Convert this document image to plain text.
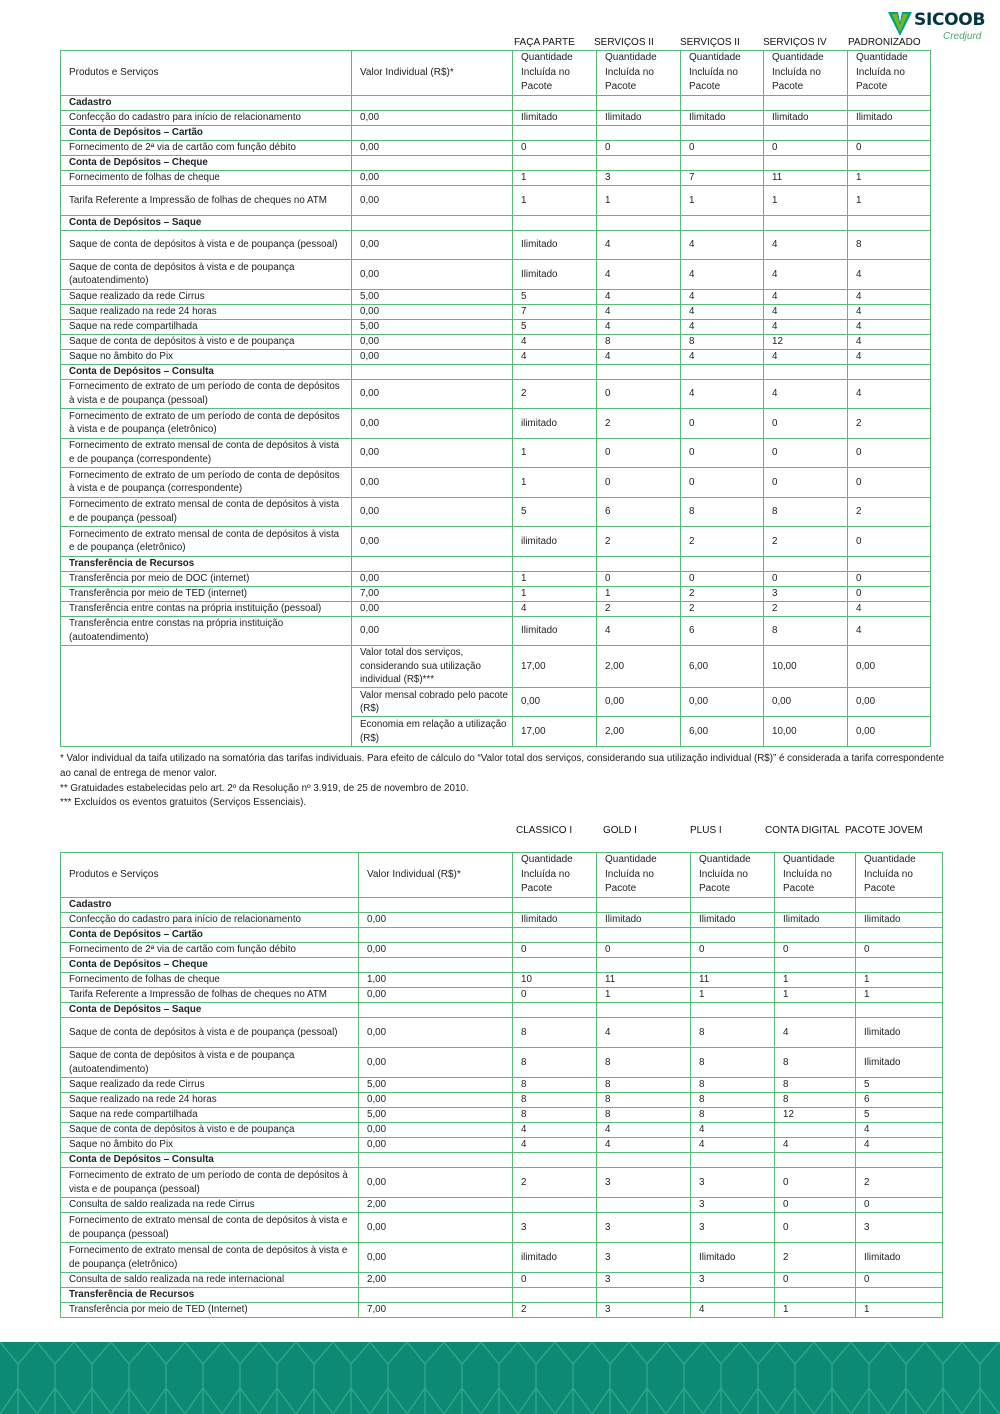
SICOOB
Credjurd
FAÇA PARTE SERVIÇOS II	SERVIÇOS II SERVIÇOS IV PADRONIZADO
Produtos e Serviços	Valor Individual (R$)*	Quantidade Incluída no Pacote	Quantidade Incluída no Pacote	Quantidade Incluída no Pacote	Quantidade Incluída no Pacote	Quantidade Incluída no Pacote
Cadastro						
Confecção do cadastro para início de relacionamento	0,00	Ilimitado	Ilimitado	Ilimitado	Ilimitado	Ilimitado
Conta de Depósitos – Cartão						
Fornecimento de 2ª via de cartão com função débito	0,00	0	0	0	0	0
Conta de Depósitos – Cheque						
Fornecimento de folhas de cheque	0,00	1	3	7	11	1
Tarifa Referente a Impressão de folhas de cheques no ATM	0,00	1	1	1	1	1
Conta de Depósitos – Saque						
Saque de conta de depósitos à vista e de poupança (pessoal)	0,00	Ilimitado	4	4	4	8
Saque de conta de depósitos à vista e de poupança (autoatendimento)	0,00	Ilimitado	4	4	4	4
Saque realizado da rede Cirrus	5,00	5	4	4	4	4
Saque realizado na rede 24 horas	0,00	7	4	4	4	4
Saque na rede compartilhada	5,00	5	4	4	4	4
Saque de conta de depósitos à visto e de poupança	0,00	4	8	8	12	4
Saque no âmbito do Pix	0,00	4	4	4	4	4
Conta de Depósitos – Consulta						
Fornecimento de extrato de um período de conta de depósitos à vista e de poupança (pessoal)	0,00	2	0	4	4	4
Fornecimento de extrato de um período de conta de depósitos à vista e de poupança (eletrônico)	0,00	ilimitado	2	0	0	2
Fornecimento de extrato mensal de conta de depósitos à vista e de poupança (correspondente)	0,00	1	0	0	0	0
Fornecimento de extrato de um período de conta de depósitos à vista e de poupança (correspondente)	0,00	1	0	0	0	0
Fornecimento de extrato mensal de conta de depósitos à vista e de poupança (pessoal)	0,00	5	6	8	8	2
Fornecimento de extrato mensal de conta de depósitos à vista e de poupança (eletrônico)	0,00	ilimitado	2	2	2	0
Transferência de Recursos						
Transferência por meio de DOC (internet)	0,00	1	0	0	0	0
Transferência por meio de TED (internet)	7,00	1	1	2	3	0
Transferência entre contas na própria instituição (pessoal)	0,00	4	2	2	2	4
Transferência entre constas na própria instituição (autoatendimento)	0,00	Ilimitado	4	6	8	4
	Valor total dos serviços, considerando sua utilização individual (R$)***	17,00	2,00	6,00	10,00	0,00
	Valor mensal cobrado pelo pacote (R$)	0,00	0,00	0,00	0,00	0,00
	Economia em relação a utilização (R$)	17,00	2,00	6,00	10,00	0,00

* Valor individual da taifa utilizado na somatória das tarifas individuais. Para efeito de cálculo do “Valor total dos serviços, considerando sua utilização individual (R$)” é considerada a tarifa correspondente ao canal de entrega de menor valor.

** Gratuidades estabelecidas pelo art. 2º da Resolução nº 3.919, de 25 de novembro de 2010.

*** Excluídos os eventos gratuitos (Serviços Essenciais).

CLASSICO I	GOLD I	PLUS I	CONTA DIGITAL PACOTE JOVEM
Produtos e Serviços	Valor Individual (R$)*	Quantidade Incluída no Pacote	Quantidade Incluída no Pacote	Quantidade Incluída no Pacote	Quantidade Incluída no Pacote	Quantidade Incluída no Pacote
Cadastro						
Confecção do cadastro para início de relacionamento	0,00	Ilimitado	Ilimitado	Ilimitado	Ilimitado	Ilimitado
Conta de Depósitos – Cartão						
Fornecimento de 2ª via de cartão com função débito	0,00	0	0	0	0	0
Conta de Depósitos – Cheque						
Fornecimento de folhas de cheque	1,00	10	11	11	1	1
Tarifa Referente a Impressão de folhas de cheques no ATM	0,00	0	1	1	1	1
Conta de Depósitos – Saque						
Saque de conta de depósitos à vista e de poupança (pessoal)	0,00	8	4	8	4	Ilimitado
Saque de conta de depósitos à vista e de poupança (autoatendimento)	0,00	8	8	8	8	Ilimitado
Saque realizado da rede Cirrus	5,00	8	8	8	8	5
Saque realizado na rede 24 horas	0,00	8	8	8	8	6
Saque na rede compartilhada	5,00	8	8	8	12	5
Saque de conta de depósitos à visto e de poupança	0,00	4	4	4		4
Saque no âmbito do Pix	0,00	4	4	4	4	4
Conta de Depósitos – Consulta						
Fornecimento de extrato de um período de conta de depósitos à vista e de poupança (pessoal)	0,00	2	3	3	0	2
Consulta de saldo realizada na rede Cirrus	2,00			3	0	0
Fornecimento de extrato mensal de conta de depósitos à vista e de poupança (pessoal)	0,00	3	3	3	0	3
Fornecimento de extrato mensal de conta de depósitos à vista e de poupança (eletrônico)	0,00	ilimitado	3	Ilimitado	2	Ilimitado
Consulta de saldo realizada na rede internacional	2,00	0	3	3	0	0
Transferência de Recursos						
Transferência por meio de TED (Internet)	7,00	2	3	4	1	1
